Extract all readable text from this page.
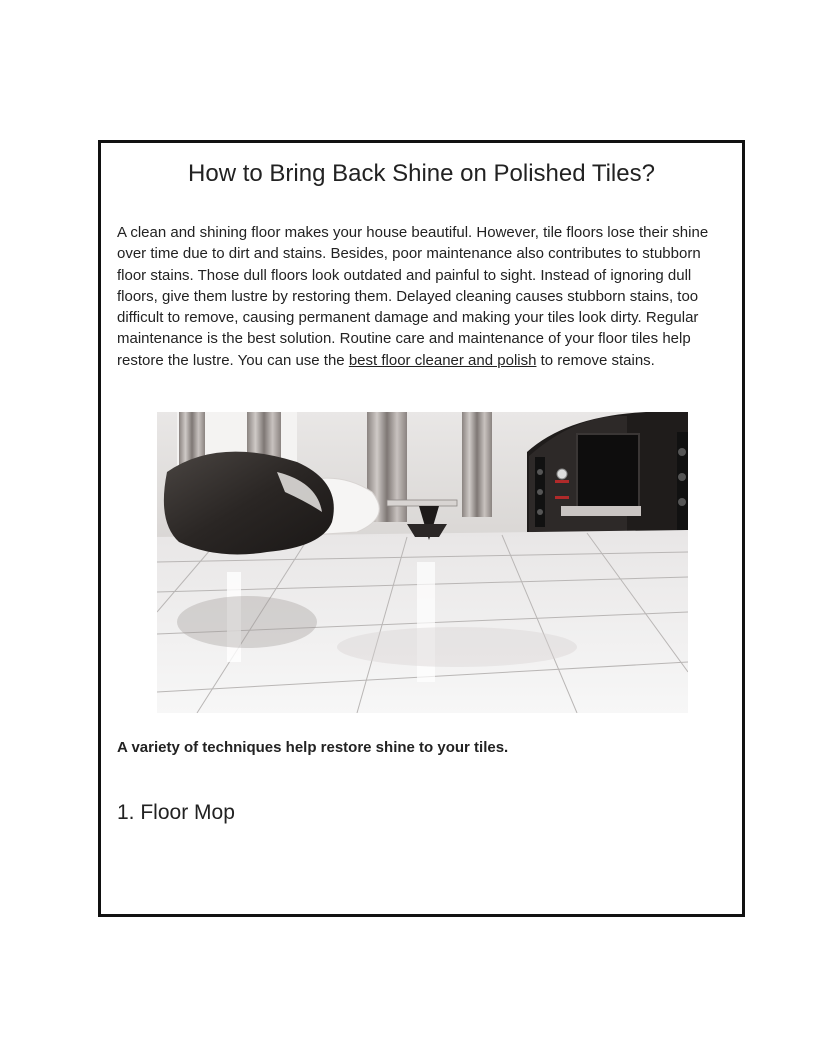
How to Bring Back Shine on Polished Tiles?

A clean and shining floor makes your house beautiful. However, tile floors lose their shine over time due to dirt and stains. Besides, poor maintenance also contributes to stubborn floor stains. Those dull floors look outdated and painful to sight. Instead of ignoring dull floors, give them lustre by restoring them. Delayed cleaning causes stubborn stains, too difficult to remove, causing permanent damage and making your tiles look dirty. Regular maintenance is the best solution. Routine care and maintenance of your floor tiles help restore the lustre. You can use the best floor cleaner and polish to remove stains.

A variety of techniques help restore shine to your tiles.

1. Floor Mop
